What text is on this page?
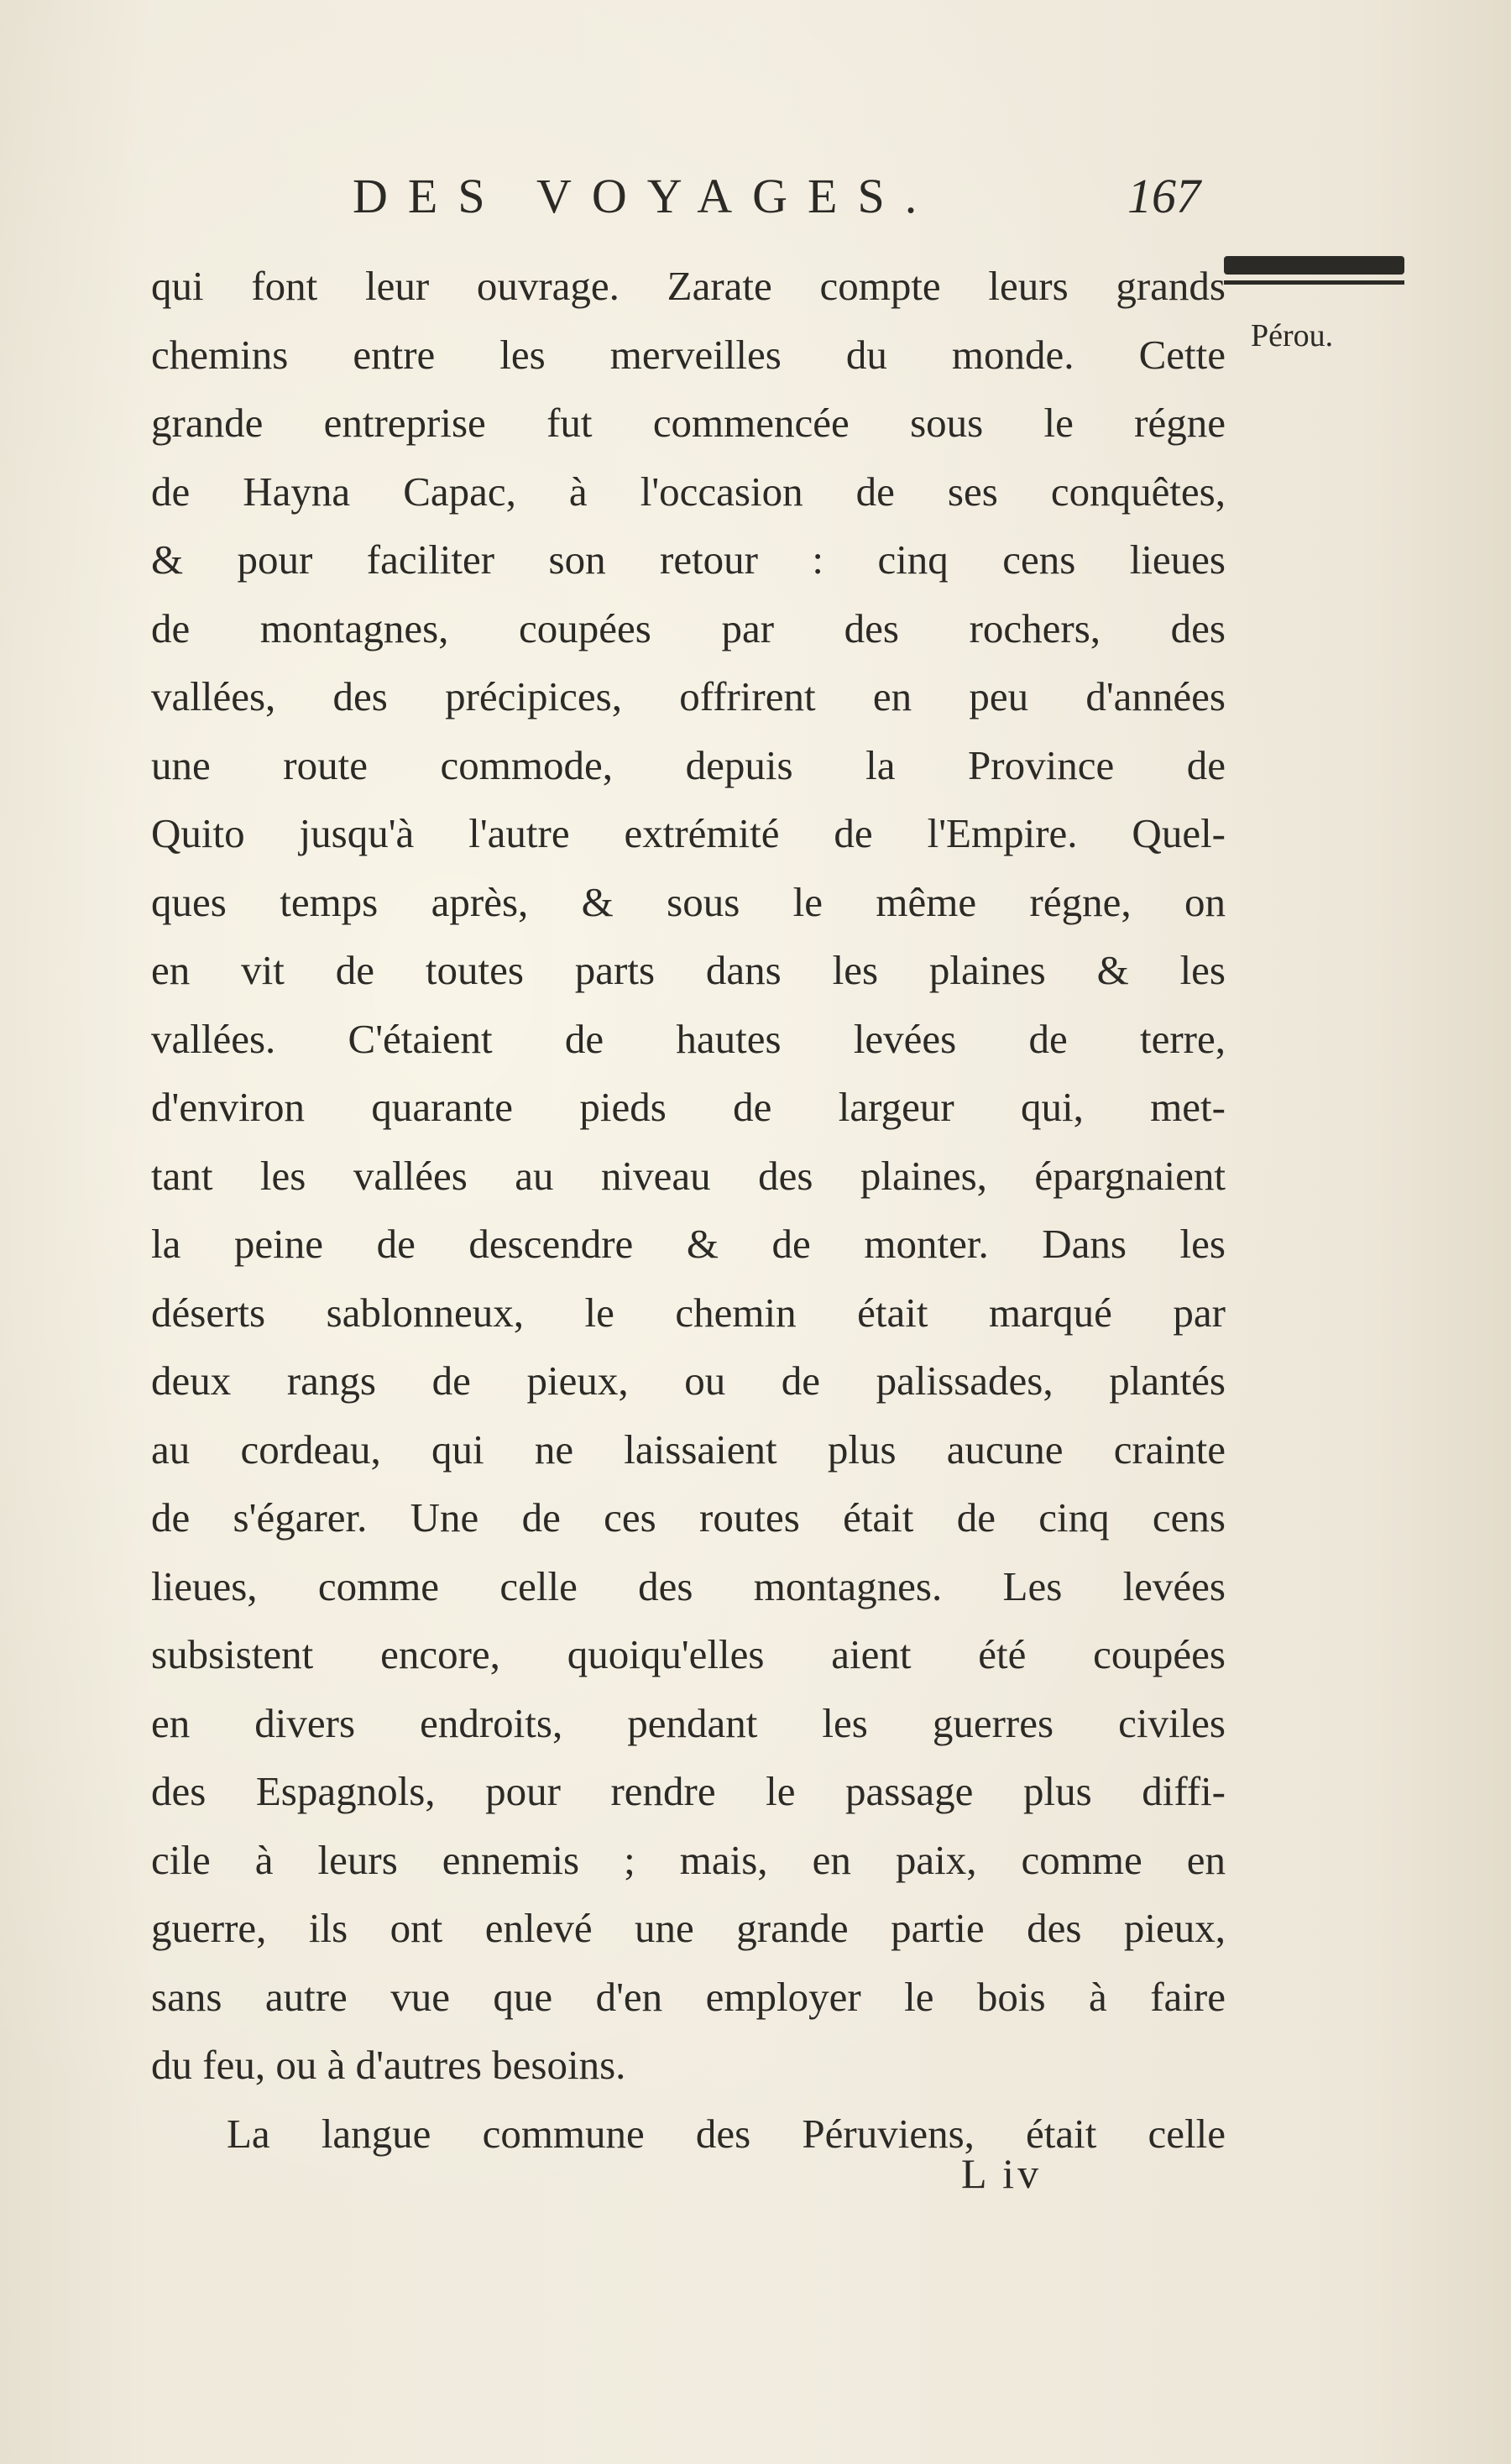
DES VOYAGES.	167
Pérou.
qui font leur ouvrage. Zarate compte leurs grands
chemins entre les merveilles du monde. Cette
grande entreprise fut commencée sous le régne
de Hayna Capac, à l'occasion de ses conquêtes,
& pour faciliter son retour : cinq cens lieues
de montagnes, coupées par des rochers, des
vallées, des précipices, offrirent en peu d'années
une route commode, depuis la Province de
Quito jusqu'à l'autre extrémité de l'Empire. Quel-
ques temps après, & sous le même régne, on
en vit de toutes parts dans les plaines & les
vallées. C'étaient de hautes levées de terre,
d'environ quarante pieds de largeur qui, met-
tant les vallées au niveau des plaines, épargnaient
la peine de descendre & de monter. Dans les
déserts sablonneux, le chemin était marqué par
deux rangs de pieux, ou de palissades, plantés
au cordeau, qui ne laissaient plus aucune crainte
de s'égarer. Une de ces routes était de cinq cens
lieues, comme celle des montagnes. Les levées
subsistent encore, quoiqu'elles aient été coupées
en divers endroits, pendant les guerres civiles
des Espagnols, pour rendre le passage plus diffi-
cile à leurs ennemis ; mais, en paix, comme en
guerre, ils ont enlevé une grande partie des pieux,
sans autre vue que d'en employer le bois à faire
du feu, ou à d'autres besoins.
La langue commune des Péruviens, était celle
L iv
